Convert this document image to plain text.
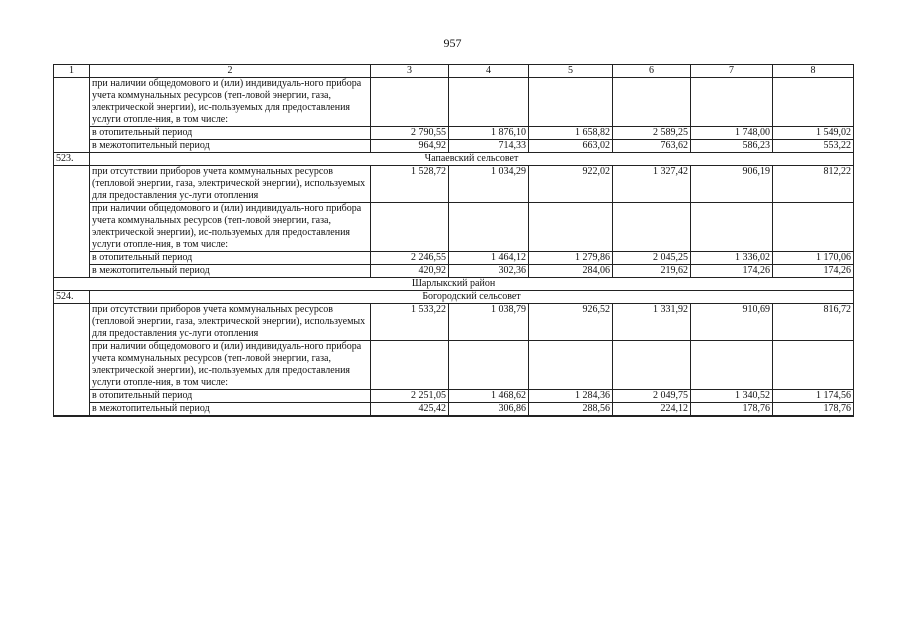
957
1	2	3	4	5	6	7	8
	при наличии общедомового и (или) индивидуаль-ного прибора учета коммунальных ресурсов (теп-ловой энергии, газа, электрической энергии), ис-пользуемых для предоставления услуги отопле-ния, в том числе:						
	в отопительный период	2 790,55	1 876,10	1 658,82	2 589,25	1 748,00	1 549,02
	в межотопительный период	964,92	714,33	663,02	763,62	586,23	553,22
523.	Чапаевский сельсовет						
	при отсутствии приборов учета коммунальных ресурсов (тепловой энергии, газа, электрической энергии), используемых для предоставления ус-луги отопления	1 528,72	1 034,29	922,02	1 327,42	906,19	812,22
	при наличии общедомового и (или) индивидуаль-ного прибора учета коммунальных ресурсов (теп-ловой энергии, газа, электрической энергии), ис-пользуемых для предоставления услуги отопле-ния, в том числе:						
	в отопительный период	2 246,55	1 464,12	1 279,86	2 045,25	1 336,02	1 170,06
	в межотопительный период	420,92	302,36	284,06	219,62	174,26	174,26
Шарлыкский район							
524.	Богородский сельсовет						
	при отсутствии приборов учета коммунальных ресурсов (тепловой энергии, газа, электрической энергии), используемых для предоставления ус-луги отопления	1 533,22	1 038,79	926,52	1 331,92	910,69	816,72
	при наличии общедомового и (или) индивидуаль-ного прибора учета коммунальных ресурсов (теп-ловой энергии, газа, электрической энергии), ис-пользуемых для предоставления услуги отопле-ния, в том числе:						
	в отопительный период	2 251,05	1 468,62	1 284,36	2 049,75	1 340,52	1 174,56
	в межотопительный период	425,42	306,86	288,56	224,12	178,76	178,76
